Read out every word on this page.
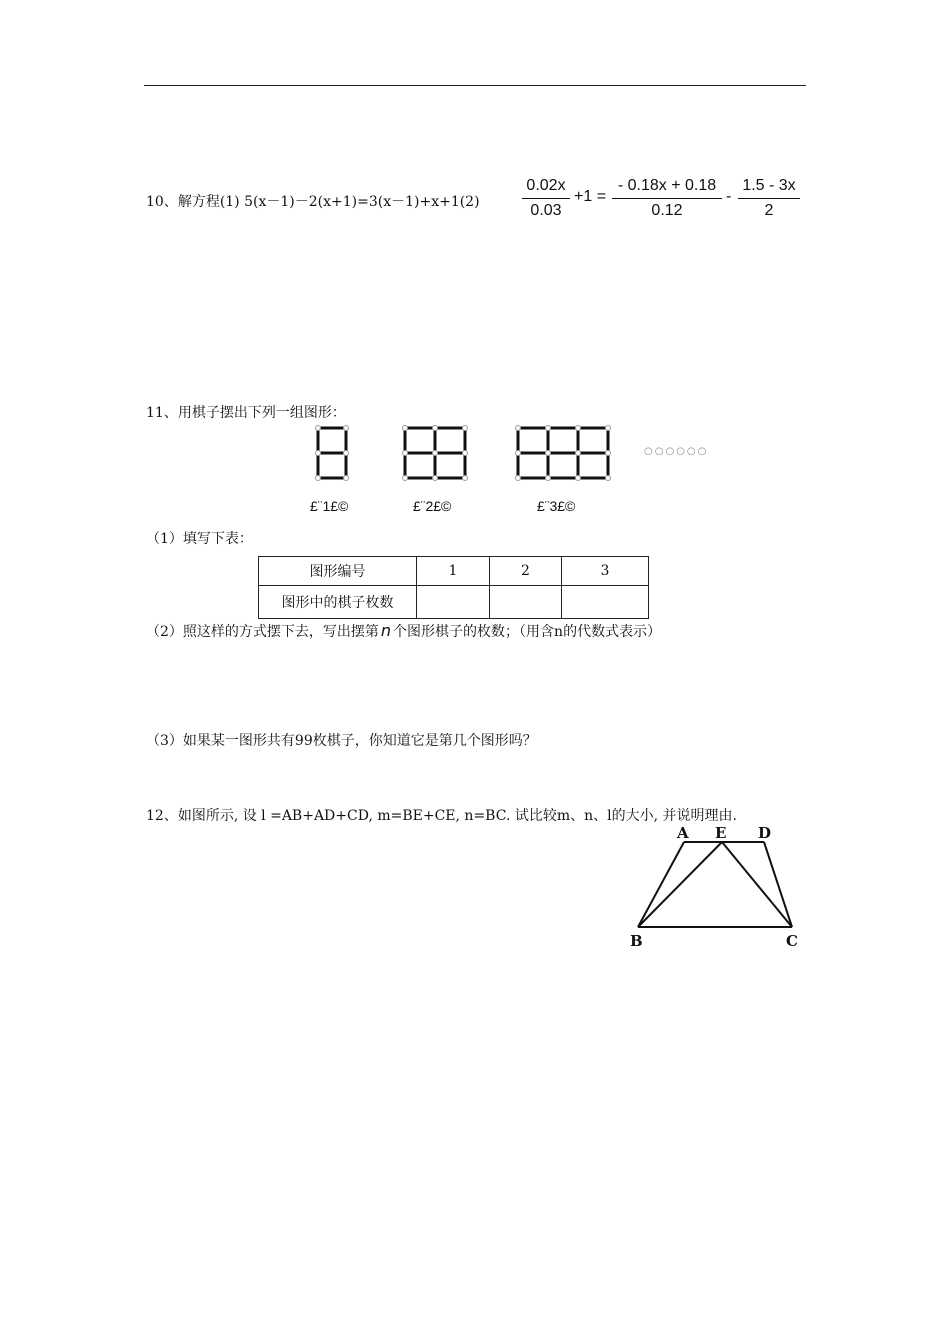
10、解方程(1) 5(x－1)－2(x+1)=3(x－1)+x+1(2)
0.02x
0.03
+1 =
- 0.18x + 0.18
0.12
-
1.5 - 3x
2
11、用棋子摆出下列一组图形：
○○○○○○
£¨1£©	£¨2£©	£¨3£©
（1）填写下表：
图形编号	1	2	3
图形中的棋子枚数			
（2）照这样的方式摆下去，写出摆第 n 个图形棋子的枚数；（用含n的代数式表示）
（3）如果某一图形共有99枚棋子，你知道它是第几个图形吗？
12、如图所示, 设 l =AB+AD+CD, m=BE+CE, n=BC. 试比较m、n、l的大小, 并说明理由.
A E D
B	C
